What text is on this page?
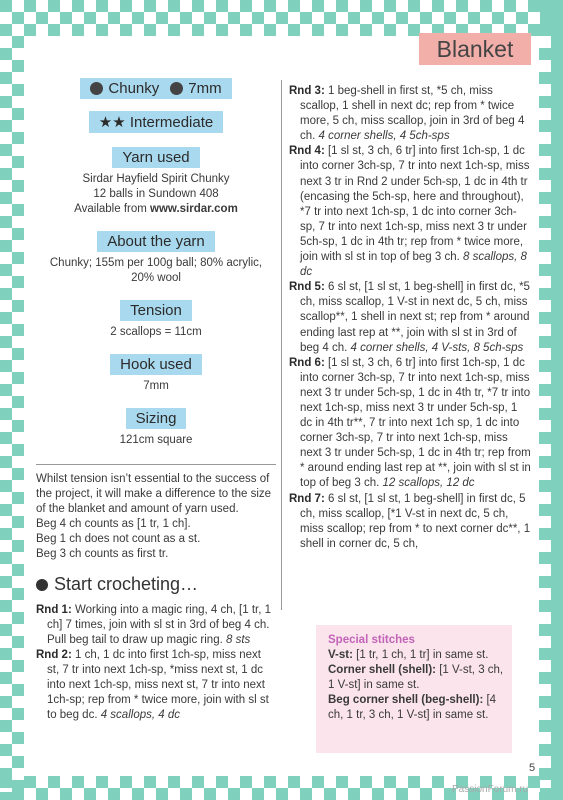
Blanket
Chunky 7mm
★★ Intermediate
Yarn used
Sirdar Hayfield Spirit Chunky
12 balls in Sundown 408
Available from www.sirdar.com
About the yarn
Chunky; 155m per 100g ball; 80% acrylic, 20% wool
Tension
2 scallops = 11cm
Hook used
7mm
Sizing
121cm square
Whilst tension isn’t essential to the success of the project, it will make a difference to the size of the blanket and amount of yarn used.
Beg 4 ch counts as [1 tr, 1 ch].
Beg 1 ch does not count as a st.
Beg 3 ch counts as first tr.
Start crocheting…

Rnd 1: Working into a magic ring, 4 ch, [1 tr, 1 ch] 7 times, join with sl st in 3rd of beg 4 ch. Pull beg tail to draw up magic ring. 8 sts

Rnd 2: 1 ch, 1 dc into first 1ch-sp, miss next st, 7 tr into next 1ch-sp, *miss next st, 1 dc into next 1ch-sp, miss next st, 7 tr into next 1ch-sp; rep from * twice more, join with sl st to beg dc. 4 scallops, 4 dc

Rnd 3: 1 beg-shell in first st, *5 ch, miss scallop, 1 shell in next dc; rep from * twice more, 5 ch, miss scallop, join in 3rd of beg 4 ch. 4 corner shells, 4 5ch-sps

Rnd 4: [1 sl st, 3 ch, 6 tr] into first 1ch-sp, 1 dc into corner 3ch-sp, 7 tr into next 1ch-sp, miss next 3 tr in Rnd 2 under 5ch-sp, 1 dc in 4th tr (encasing the 5ch-sp, here and throughout), *7 tr into next 1ch-sp, 1 dc into corner 3ch-sp, 7 tr into next 1ch-sp, miss next 3 tr under 5ch-sp, 1 dc in 4th tr; rep from * twice more, join with sl st in top of beg 3 ch. 8 scallops, 8 dc

Rnd 5: 6 sl st, [1 sl st, 1 beg-shell] in first dc, *5 ch, miss scallop, 1 V-st in next dc, 5 ch, miss scallop**, 1 shell in next st; rep from * around ending last rep at **, join with sl st in 3rd of beg 4 ch. 4 corner shells, 4 V-sts, 8 5ch-sps

Rnd 6: [1 sl st, 3 ch, 6 tr] into first 1ch-sp, 1 dc into corner 3ch-sp, 7 tr into next 1ch-sp, miss next 3 tr under 5ch-sp, 1 dc in 4th tr, *7 tr into next 1ch-sp, miss next 3 tr under 5ch-sp, 1 dc in 4th tr**, 7 tr into next 1ch sp, 1 dc into corner 3ch-sp, 7 tr into next 1ch-sp, miss next 3 tr under 5ch-sp, 1 dc in 4th tr; rep from * around ending last rep at **, join with sl st in top of beg 3 ch. 12 scallops, 12 dc

Rnd 7: 6 sl st, [1 sl st, 1 beg-shell] in first dc, 5 ch, miss scallop, [*1 V-st in next dc, 5 ch, miss scallop; rep from * to next corner dc**, 1 shell in corner dc, 5 ch,

Special stitches
V-st: [1 tr, 1 ch, 1 tr] in same st.
Corner shell (shell): [1 V-st, 3 ch, 1 V-st] in same st.
Beg corner shell (beg-shell): [4 ch, 1 tr, 3 ch, 1 V-st] in same st.
5
PassionForum.ru
